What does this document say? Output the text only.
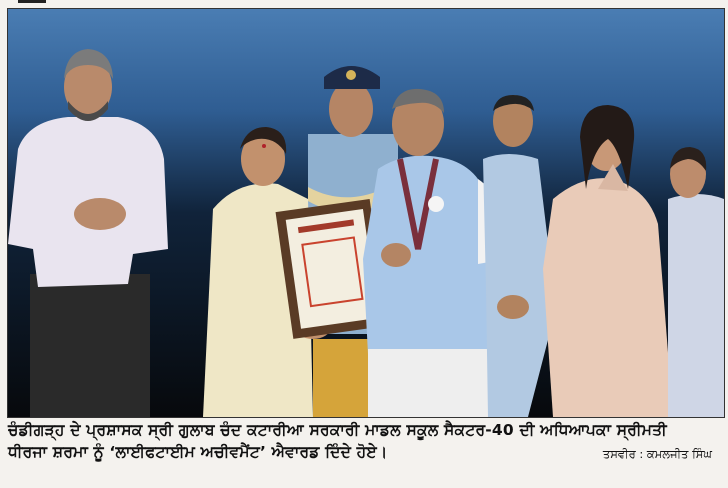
ਚੰਡੀਗੜ੍ਹ ਦੇ ਪ੍ਰਸ਼ਾਸਕ ਸ੍ਰੀ ਗੁਲਾਬ ਚੰਦ ਕਟਾਰੀਆ ਸਰਕਾਰੀ ਮਾਡਲ ਸਕੂਲ ਸੈਕਟਰ-40 ਦੀ ਅਧਿਆਪਕਾ ਸ੍ਰੀਮਤੀ
ਧੀਰਜਾ ਸ਼ਰਮਾ ਨੂੰ ‘ਲਾਈਫਟਾਈਮ ਅਚੀਵਮੈਂਟ’ ਐਵਾਰਡ ਦਿੰਦੇ ਹੋਏ।	ਤਸਵੀਰ : ਕਮਲਜੀਤ ਸਿੰਘ
